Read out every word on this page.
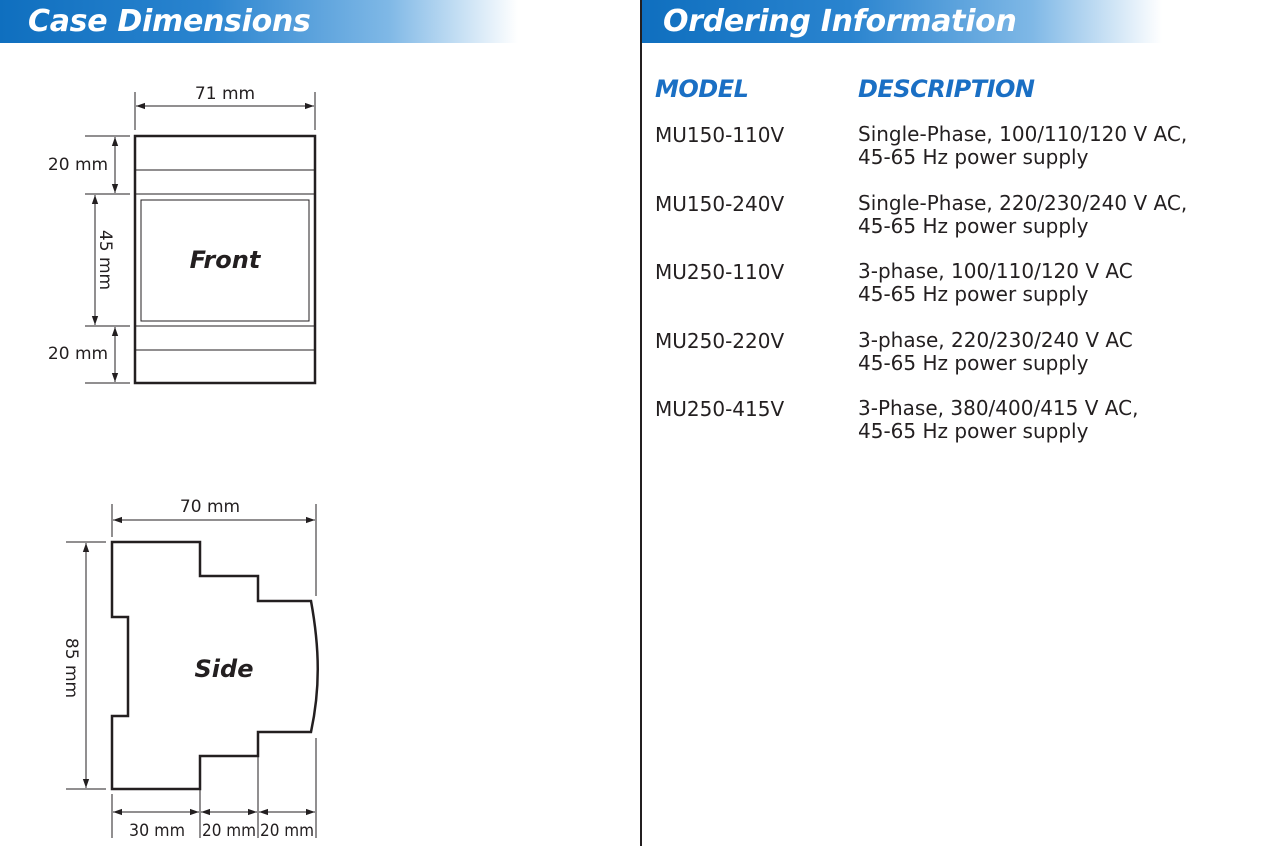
Case Dimensions	Ordering Information
71 mm
20 mm
45 mm
20 mm
Front
70 mm
85 mm
30 mm 20 mm 20 mm
Side
MODEL	DESCRIPTION
MU150-110V	Single-Phase, 100/110/120 V AC,
45-65 Hz power supply
MU150-240V	Single-Phase, 220/230/240 V AC,
45-65 Hz power supply
MU250-110V	3-phase, 100/110/120 V AC
45-65 Hz power supply
MU250-220V	3-phase, 220/230/240 V AC
45-65 Hz power supply
MU250-415V	3-Phase, 380/400/415 V AC,
45-65 Hz power supply
